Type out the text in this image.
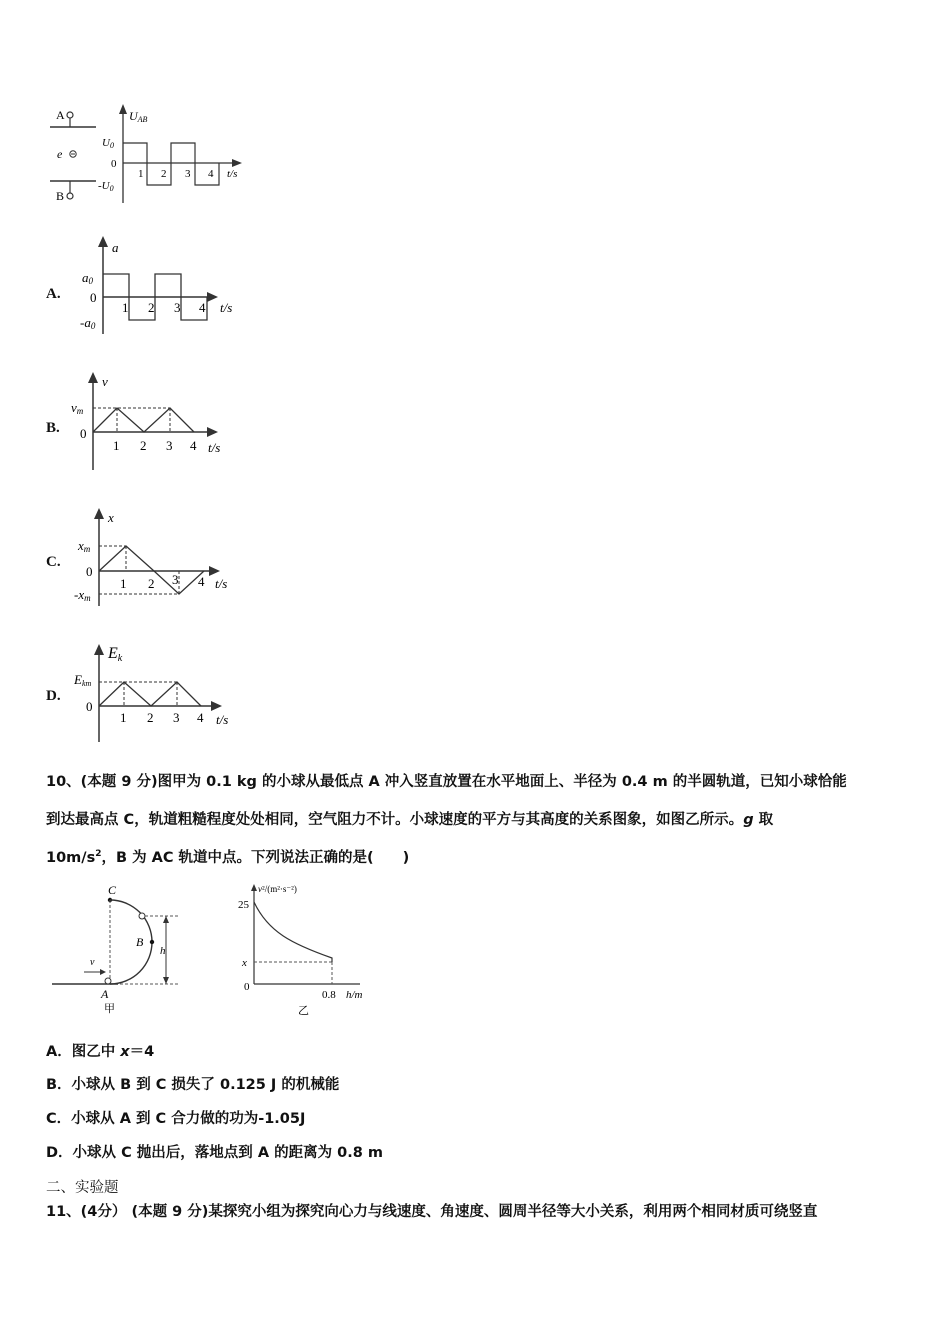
A
e
B
UAB
U0
0
-U0
1 2 3 4 t/s
A.
a
a0
0
-a0
1 2 3 4 t/s
B.
v
vm
0
1 2 3 4 t/s
C.
x
xm
0
-xm
1 2 3 4 t/s
D.
Ek
Ekm
0
1 2 3 4 t/s
10、(本题 9 分)图甲为 0.1 kg 的小球从最低点 A 冲入竖直放置在水平地面上、半径为 0.4 m 的半圆轨道，已知小球恰能
到达最高点 C，轨道粗糙程度处处相同，空气阻力不计。小球速度的平方与其高度的关系图象，如图乙所示。g 取
$10m/s^2$，B 为 AC 轨道中点。下列说法正确的是(　　)
C
h
B
v
A
甲
v²/(m²·s⁻²)
25
x
0
0.8 h/m
乙
A．图乙中 x＝4
B．小球从 B 到 C 损失了 0.125 J 的机械能
C．小球从 A 到 C 合力做的功为-1.05J
D．小球从 C 抛出后，落地点到 A 的距离为 0.8 m
二、实验题
11、(4分） (本题 9 分)某探究小组为探究向心力与线速度、角速度、圆周半径等大小关系，利用两个相同材质可绕竖直
